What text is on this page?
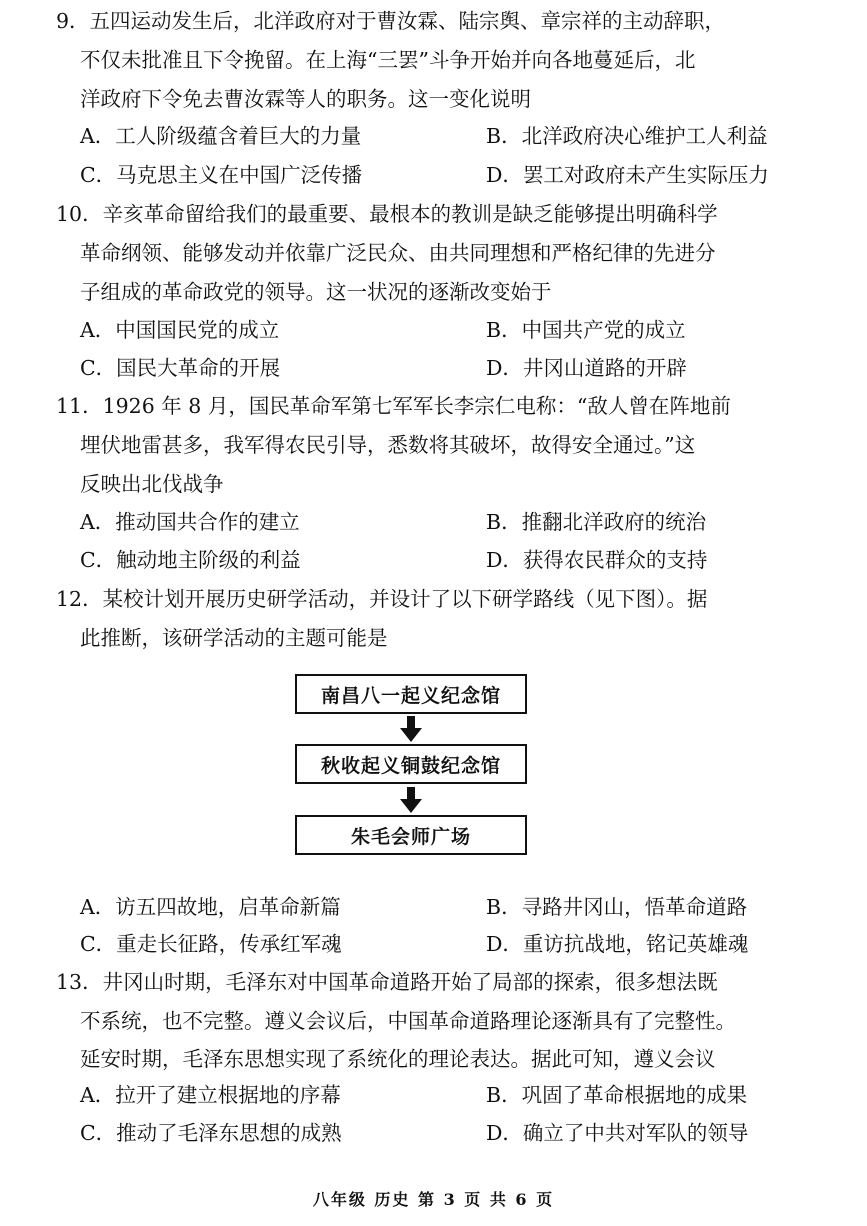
9．五四运动发生后，北洋政府对于曹汝霖、陆宗舆、章宗祥的主动辞职，
不仅未批准且下令挽留。在上海“三罢”斗争开始并向各地蔓延后，北
洋政府下令免去曹汝霖等人的职务。这一变化说明
A．工人阶级蕴含着巨大的力量	B．北洋政府决心维护工人利益
C．马克思主义在中国广泛传播	D．罢工对政府未产生实际压力
10．辛亥革命留给我们的最重要、最根本的教训是缺乏能够提出明确科学
革命纲领、能够发动并依靠广泛民众、由共同理想和严格纪律的先进分
子组成的革命政党的领导。这一状况的逐渐改变始于
A．中国国民党的成立	B．中国共产党的成立
C．国民大革命的开展	D．井冈山道路的开辟
11．1926 年 8 月，国民革命军第七军军长李宗仁电称：“敌人曾在阵地前
埋伏地雷甚多，我军得农民引导，悉数将其破坏，故得安全通过。”这
反映出北伐战争
A．推动国共合作的建立	B．推翻北洋政府的统治
C．触动地主阶级的利益	D．获得农民群众的支持
12．某校计划开展历史研学活动，并设计了以下研学路线（见下图）。据
此推断，该研学活动的主题可能是
南昌八一起义纪念馆
秋收起义铜鼓纪念馆
朱毛会师广场
A．访五四故地，启革命新篇	B．寻路井冈山，悟革命道路
C．重走长征路，传承红军魂	D．重访抗战地，铭记英雄魂
13．井冈山时期，毛泽东对中国革命道路开始了局部的探索，很多想法既
不系统，也不完整。遵义会议后，中国革命道路理论逐渐具有了完整性。
延安时期，毛泽东思想实现了系统化的理论表达。据此可知，遵义会议
A．拉开了建立根据地的序幕	B．巩固了革命根据地的成果
C．推动了毛泽东思想的成熟	D．确立了中共对军队的领导
八年级 历史 第 3 页 共 6 页
